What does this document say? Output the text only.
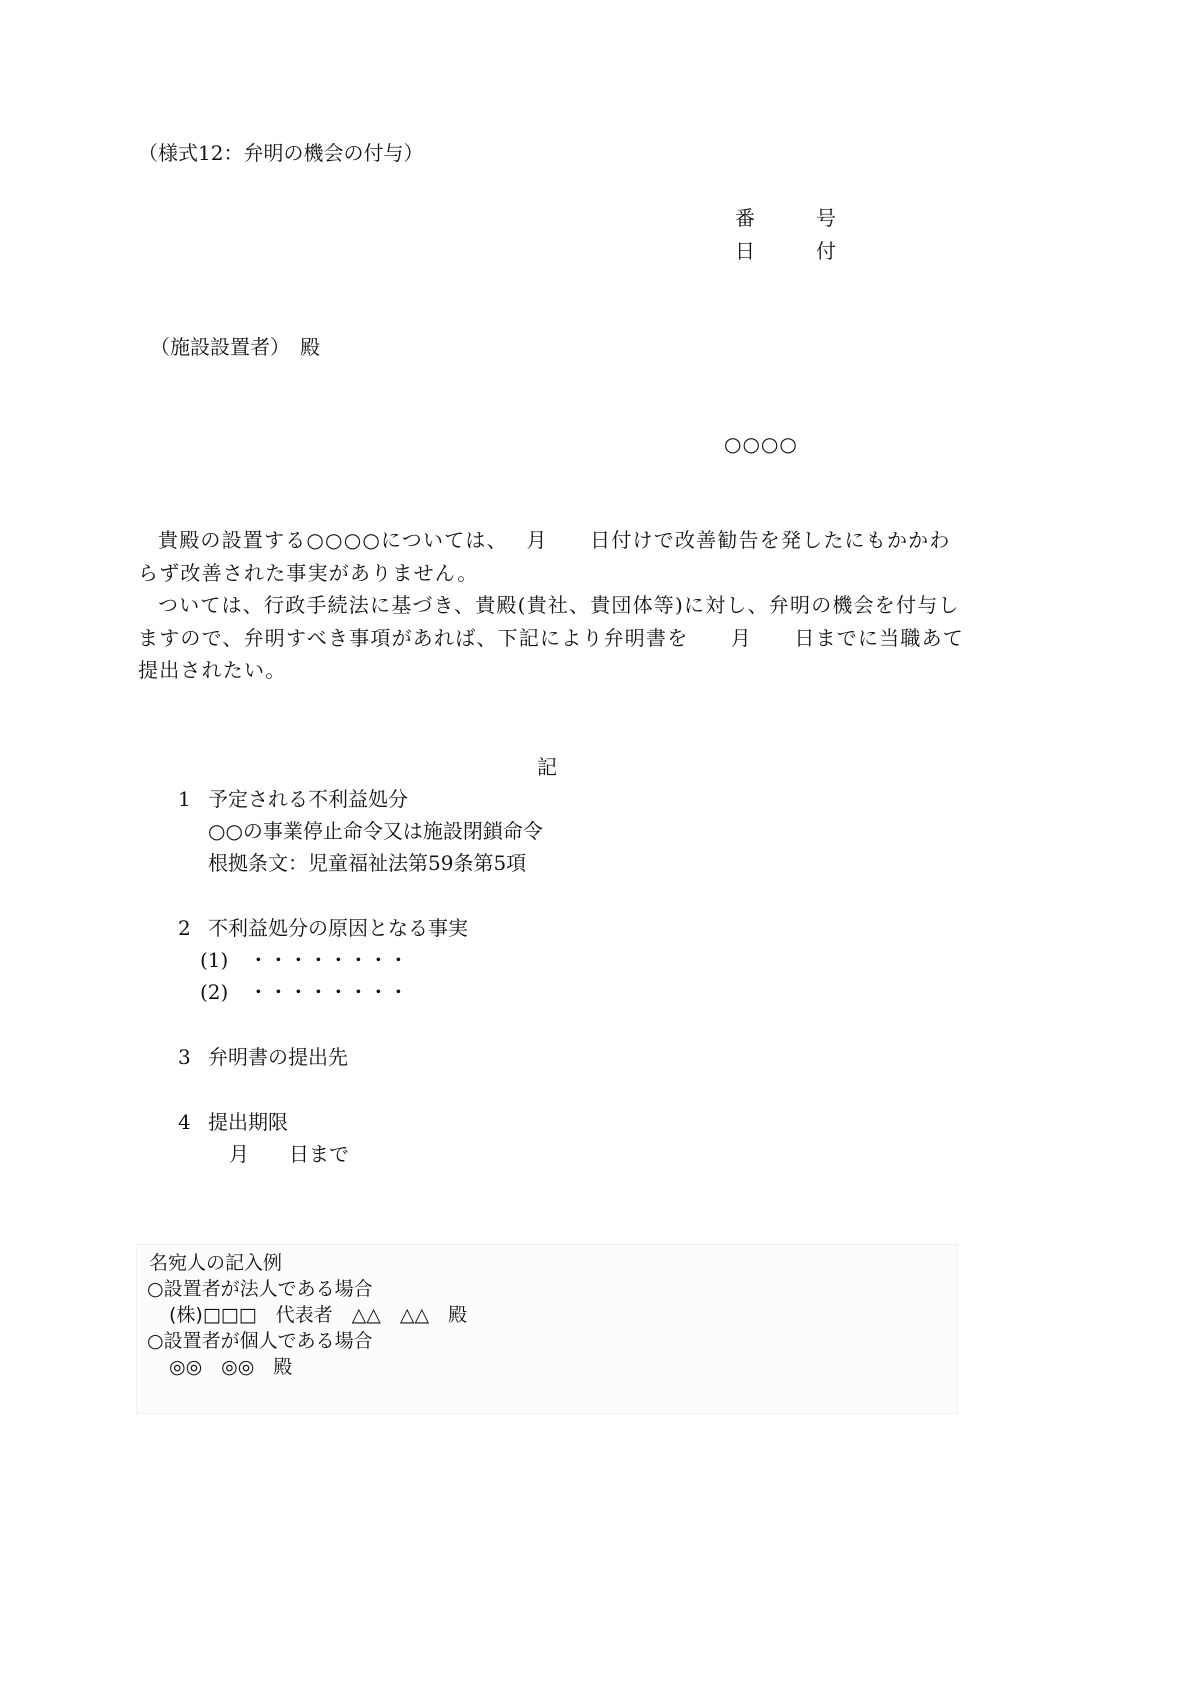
（様式12：弁明の機会の付与）
番	号
日	付
（施設設置者）　殿
○○○○
貴殿の設置する○○○○については、　 月　　日付けで改善勧告を発したにもかかわらず改善された事実がありません。
ついては、行政手続法に基づき、貴殿(貴社、貴団体等)に対し、弁明の機会を付与しますので、弁明すべき事項があれば、下記により弁明書を　　月　　日までに当職あて提出されたい。
記
1 予定される不利益処分
○○の事業停止命令又は施設閉鎖命令
根拠条文：児童福祉法第59条第5項
2 不利益処分の原因となる事実
(1)　・・・・・・・・
(2)　・・・・・・・・
3 弁明書の提出先
4 提出期限
月　　日まで
名宛人の記入例
○設置者が法人である場合
(株)□□□　代表者　△△　△△　殿
○設置者が個人である場合
◎◎　◎◎　殿
